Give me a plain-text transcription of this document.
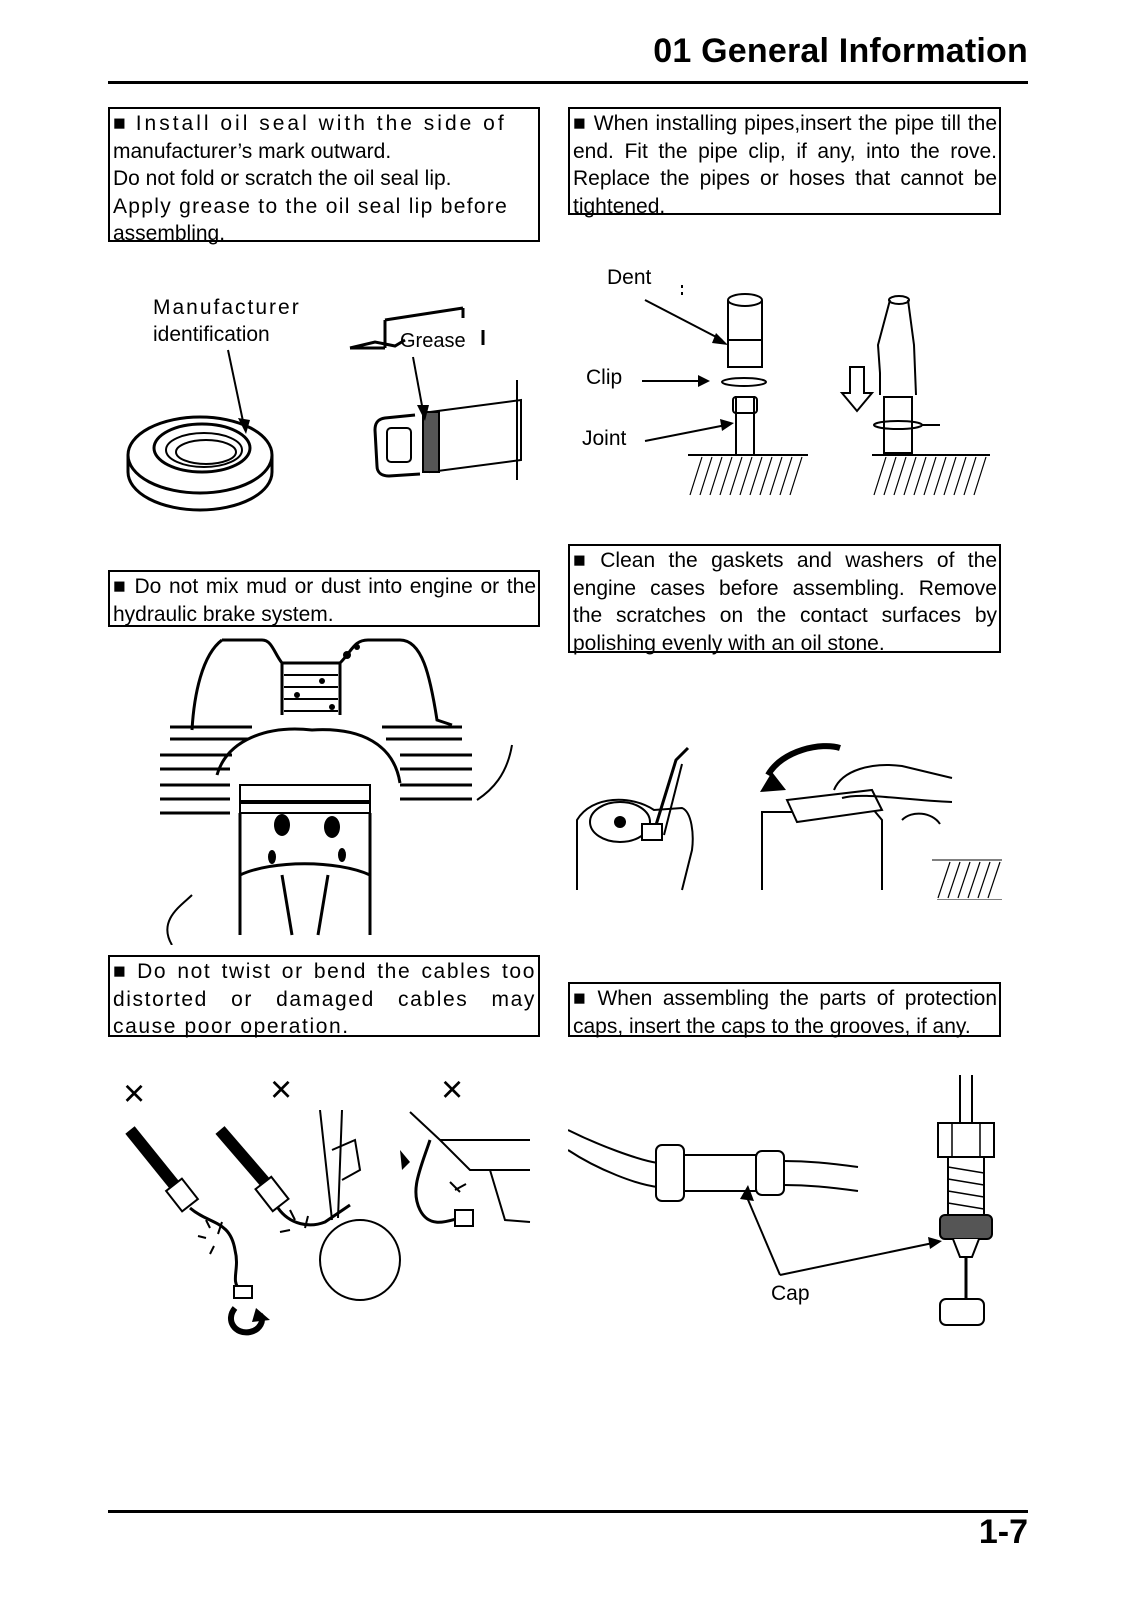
01 General Information

■ Install oil seal with the side of

manufacturer’s mark outward.

Do not fold or scratch the oil seal lip.

Apply grease to the oil seal lip before

assembling.

■ When installing pipes,insert the pipe till the end. Fit the pipe clip, if any, into the rove. Replace the pipes or hoses that cannot be tightened.

Manufacturer
identification	Grease
Dent
Clip
Joint

■ Do not mix mud or dust into engine or the hydraulic brake system.

■ Clean the gaskets and washers of the engine cases before assembling. Remove the scratches on the contact surfaces by polishing evenly with an oil stone.

■ Do not twist or bend the cables too distorted or damaged cables may cause poor operation.

■ When assembling the parts of protection caps, insert the caps to the grooves, if any.

×	×	×
Cap
1-7
